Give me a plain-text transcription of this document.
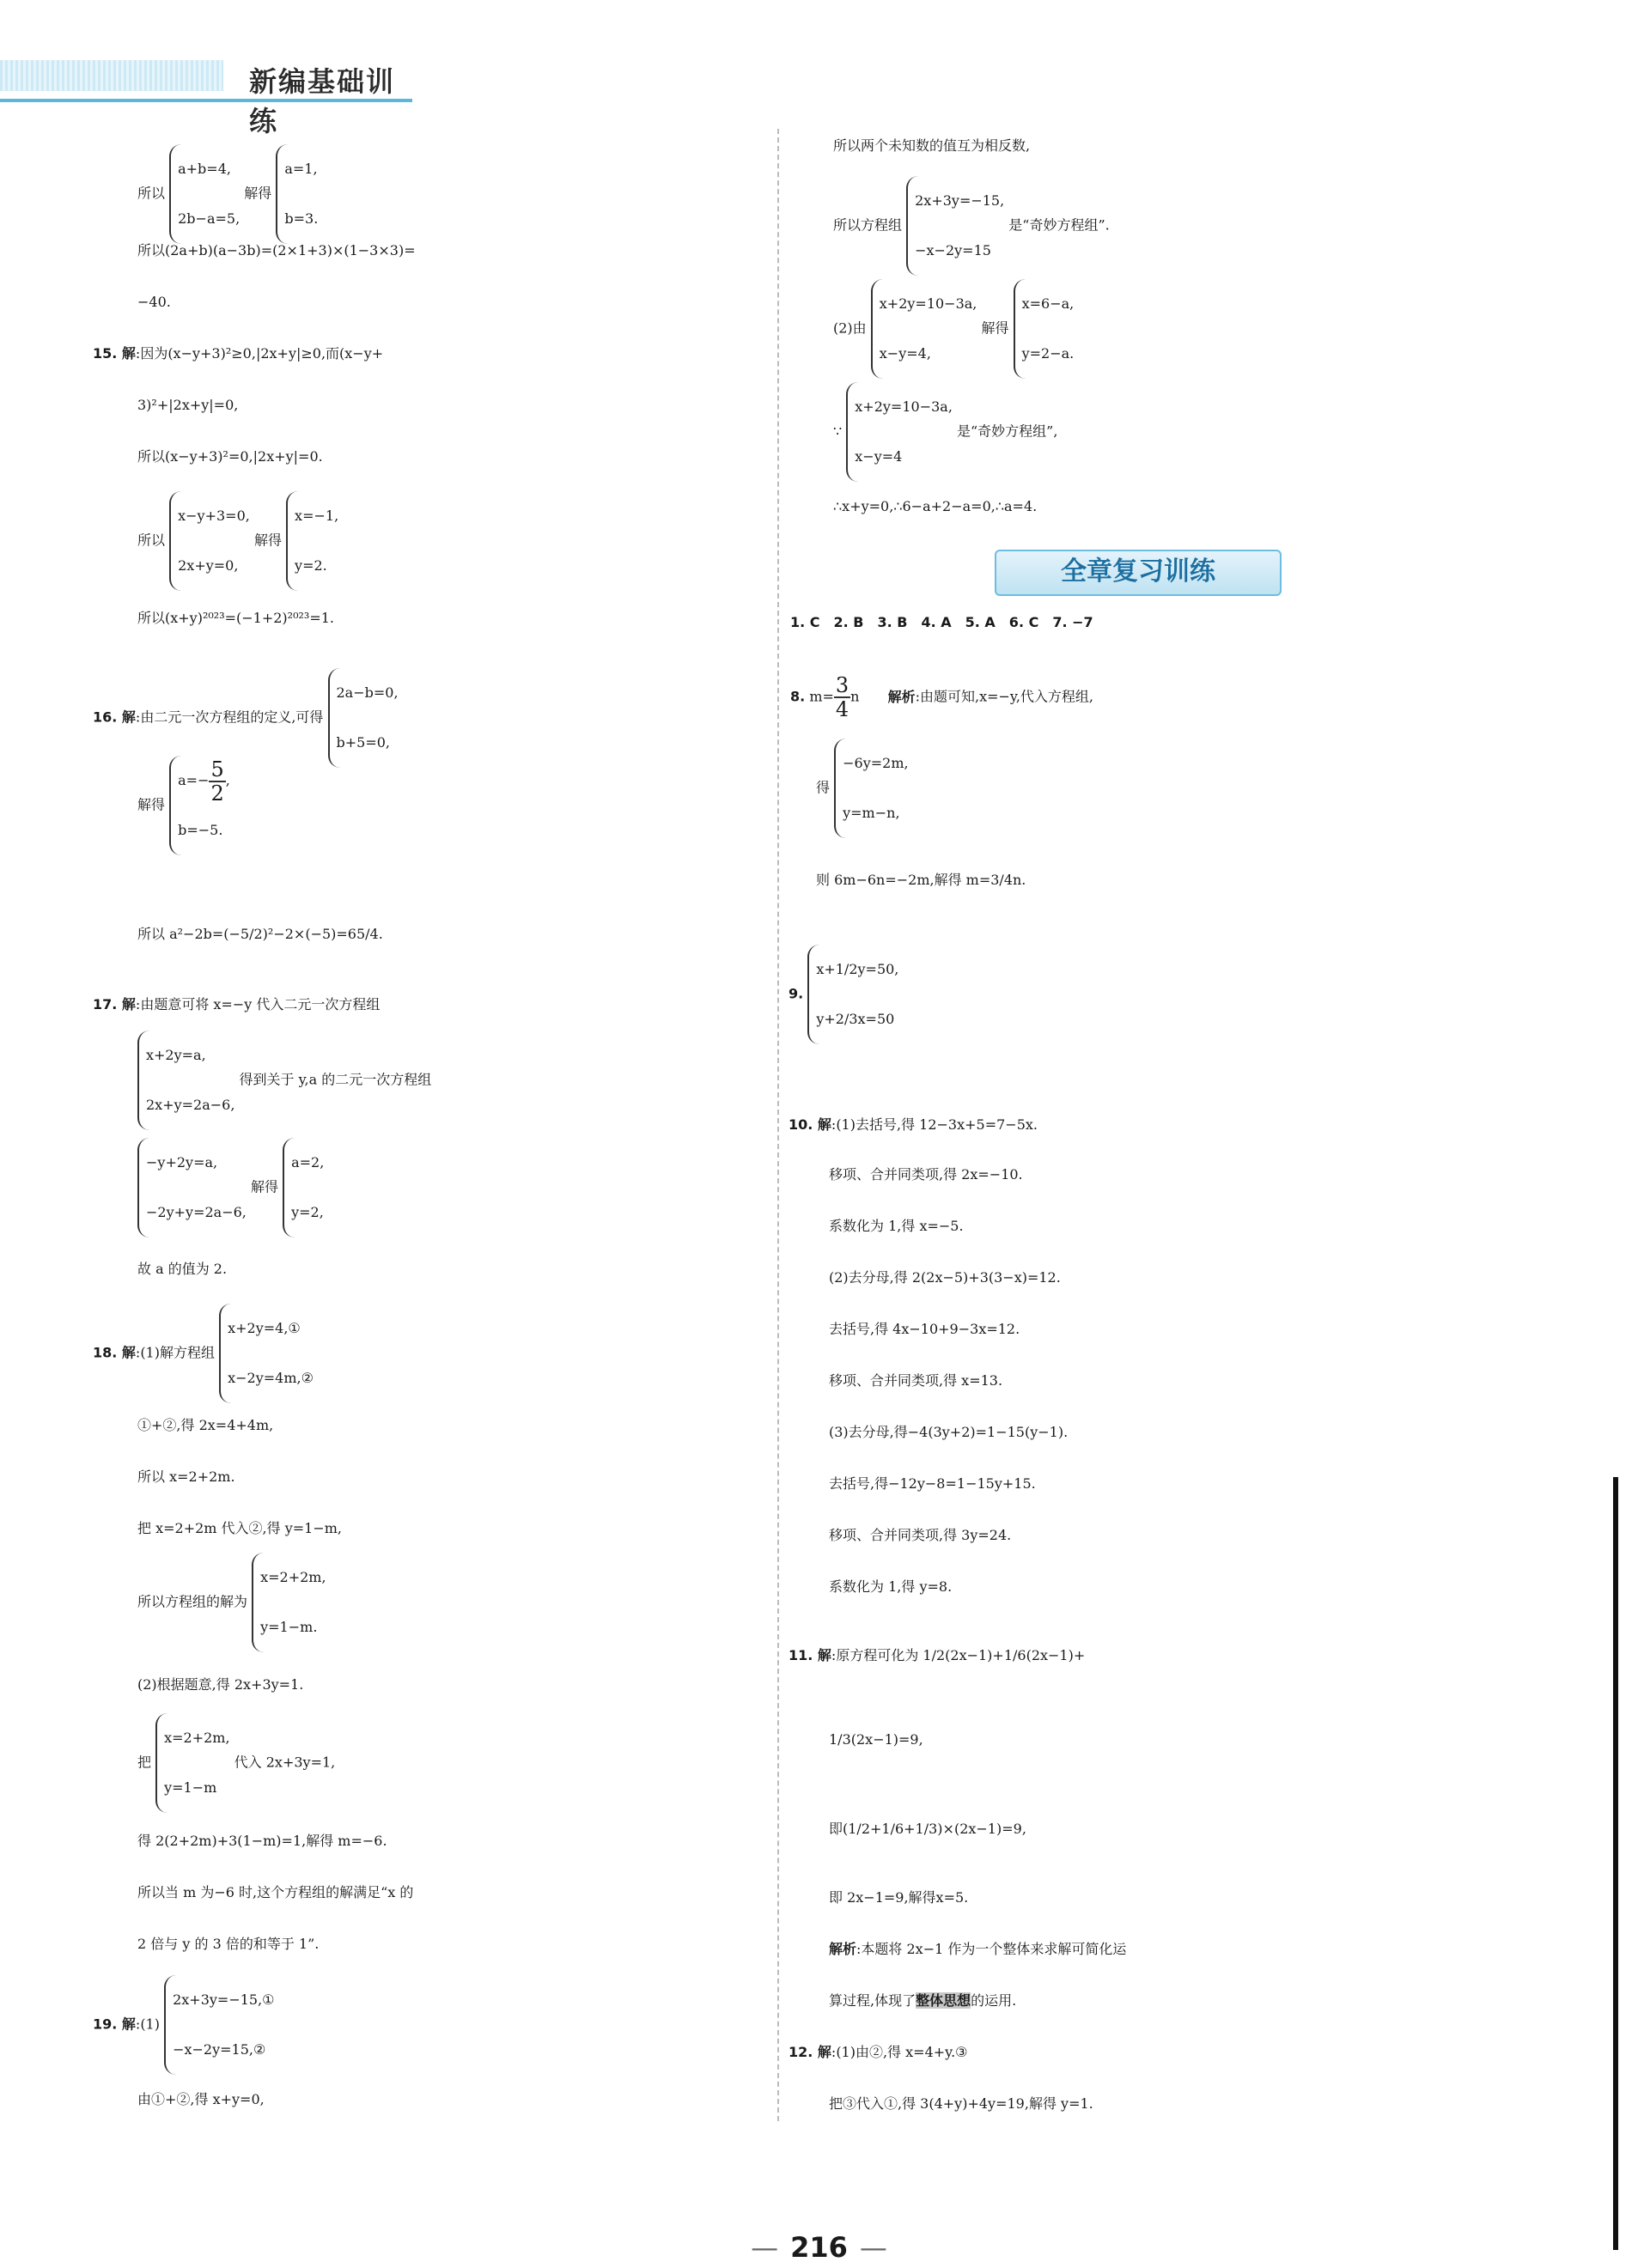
新编基础训练
所以
a+b=4,
2b−a=5,
解得
a=1,
b=3.
所以(2a+b)(a−3b)=(2×1+3)×(1−3×3)=
−40.
15. 解:因为(x−y+3)²≥0,|2x+y|≥0,而(x−y+
3)²+|2x+y|=0,
所以(x−y+3)²=0,|2x+y|=0.
所以
x−y+3=0,
2x+y=0,
解得
x=−1,
y=2.
所以(x+y)²⁰²³=(−1+2)²⁰²³=1.
16. 解:由二元一次方程组的定义,可得
2a−b=0,
b+5=0,
解得
$a=- \frac{5}{2}$ ,
b=−5.
所以 a²−2b=(−5/2)²−2×(−5)=65/4.
17. 解:由题意可将 x=−y 代入二元一次方程组
x+2y=a,
2x+y=2a−6,
得到关于 y,a 的二元一次方程组
−y+2y=a,
−2y+y=2a−6,
解得
a=2,
y=2,
故 a 的值为 2.
18. 解:(1)解方程组
x+2y=4,①
x−2y=4m,②
①+②,得 2x=4+4m,
所以 x=2+2m.
把 x=2+2m 代入②,得 y=1−m,
所以方程组的解为
x=2+2m,
y=1−m.
(2)根据题意,得 2x+3y=1.
把
x=2+2m,
y=1−m
代入 2x+3y=1,
得 2(2+2m)+3(1−m)=1,解得 m=−6.
所以当 m 为−6 时,这个方程组的解满足“x 的
2 倍与 y 的 3 倍的和等于 1”.
19. 解:(1)
2x+3y=−15,①
−x−2y=15,②
由①+②,得 x+y=0,
所以两个未知数的值互为相反数,
所以方程组
2x+3y=−15,
−x−2y=15
是“奇妙方程组”.
(2)由
x+2y=10−3a,
x−y=4,
解得
x=6−a,
y=2−a.
∵
x+2y=10−3a,
x−y=4
是“奇妙方程组”,
∴x+y=0,∴6−a+2−a=0,∴a=4.
全章复习训练
1. C　2. B　3. B　4. A　5. A　6. C　7. −7
8. $m= \frac{3}{4}$ n 解析:由题可知,x=−y,代入方程组,
得
−6y=2m,
y=m−n,
则 6m−6n=−2m,解得 m=3/4n.
9.
x+1/2y=50,
y+2/3x=50
10. 解:(1)去括号,得 12−3x+5=7−5x.
移项、合并同类项,得 2x=−10.
系数化为 1,得 x=−5.
(2)去分母,得 2(2x−5)+3(3−x)=12.
去括号,得 4x−10+9−3x=12.
移项、合并同类项,得 x=13.
(3)去分母,得−4(3y+2)=1−15(y−1).
去括号,得−12y−8=1−15y+15.
移项、合并同类项,得 3y=24.
系数化为 1,得 y=8.
11. 解:原方程可化为 1/2(2x−1)+1/6(2x−1)+
1/3(2x−1)=9,
即(1/2+1/6+1/3)×(2x−1)=9,
即 2x−1=9,解得x=5.
解析:本题将 2x−1 作为一个整体来求解可简化运
算过程,体现了整体思想的运用.
12. 解:(1)由②,得 x=4+y.③
把③代入①,得 3(4+y)+4y=19,解得 y=1.
— 216 —
